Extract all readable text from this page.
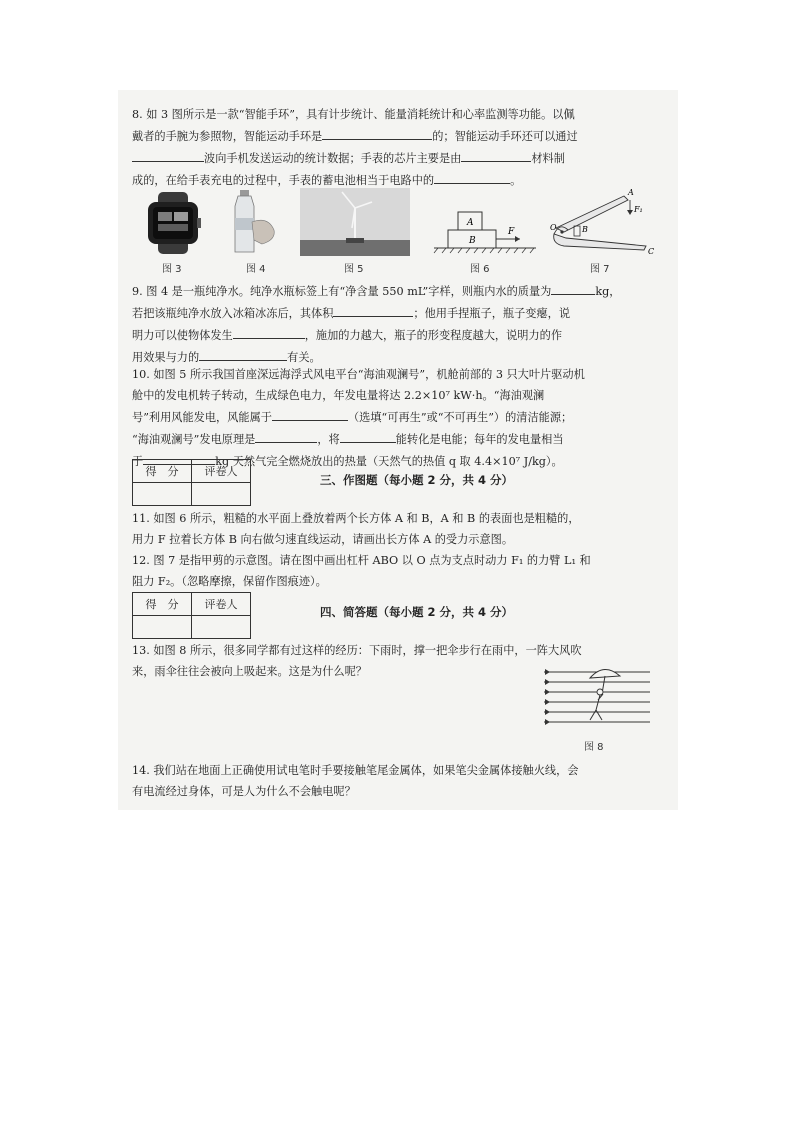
8. 如 3 图所示是一款“智能手环”，具有计步统计、能量消耗统计和心率监测等功能。以佩
戴者的手腕为参照物，智能运动手环是	的；智能运动手环还可以通过
波向手机发送运动的统计数据；手表的芯片主要是由	材料制
成的，在给手表充电的过程中，手表的蓄电池相当于电路中的	。
图 3	图 4	图 5
A
B
F
图 6
A
F₁
O	B
C
图 7
9. 图 4 是一瓶纯净水。纯净水瓶标签上有“净含量 550 mL”字样，则瓶内水的质量为	kg，
若把该瓶纯净水放入冰箱冰冻后，其体积	；他用手捏瓶子，瓶子变瘪，说
明力可以使物体发生	，施加的力越大，瓶子的形变程度越大，说明力的作
用效果与力的	有关。
10. 如图 5 所示我国首座深远海浮式风电平台“海油观澜号”，机舱前部的 3 只大叶片驱动机
舱中的发电机转子转动，生成绿色电力，年发电量将达 2.2×10⁷ kW·h。“海油观澜
号”利用风能发电，风能属于	（选填“可再生”或“不可再生”）的清洁能源；
“海油观澜号”发电原理是	，将	能转化是电能；每年的发电量相当
于	kg 天然气完全燃烧放出的热量（天然气的热值 q 取 4.4×10⁷ J/kg）。
得　分	评卷人

三、作图题（每小题 2 分，共 4 分）
11. 如图 6 所示，粗糙的水平面上叠放着两个长方体 A 和 B，A 和 B 的表面也是粗糙的，
用力 F 拉着长方体 B 向右做匀速直线运动，请画出长方体 A 的受力示意图。
12. 图 7 是指甲剪的示意图。请在图中画出杠杆 ABO 以 O 点为支点时动力 F₁ 的力臂 L₁ 和
阻力 F₂。（忽略摩擦，保留作图痕迹）。
得　分	评卷人

四、简答题（每小题 2 分，共 4 分）
13. 如图 8 所示，很多同学都有过这样的经历：下雨时，撑一把伞步行在雨中，一阵大风吹
来，雨伞往往会被向上吸起来。这是为什么呢？
图 8
14. 我们站在地面上正确使用试电笔时手要接触笔尾金属体，如果笔尖金属体接触火线，会
有电流经过身体，可是人为什么不会触电呢？
